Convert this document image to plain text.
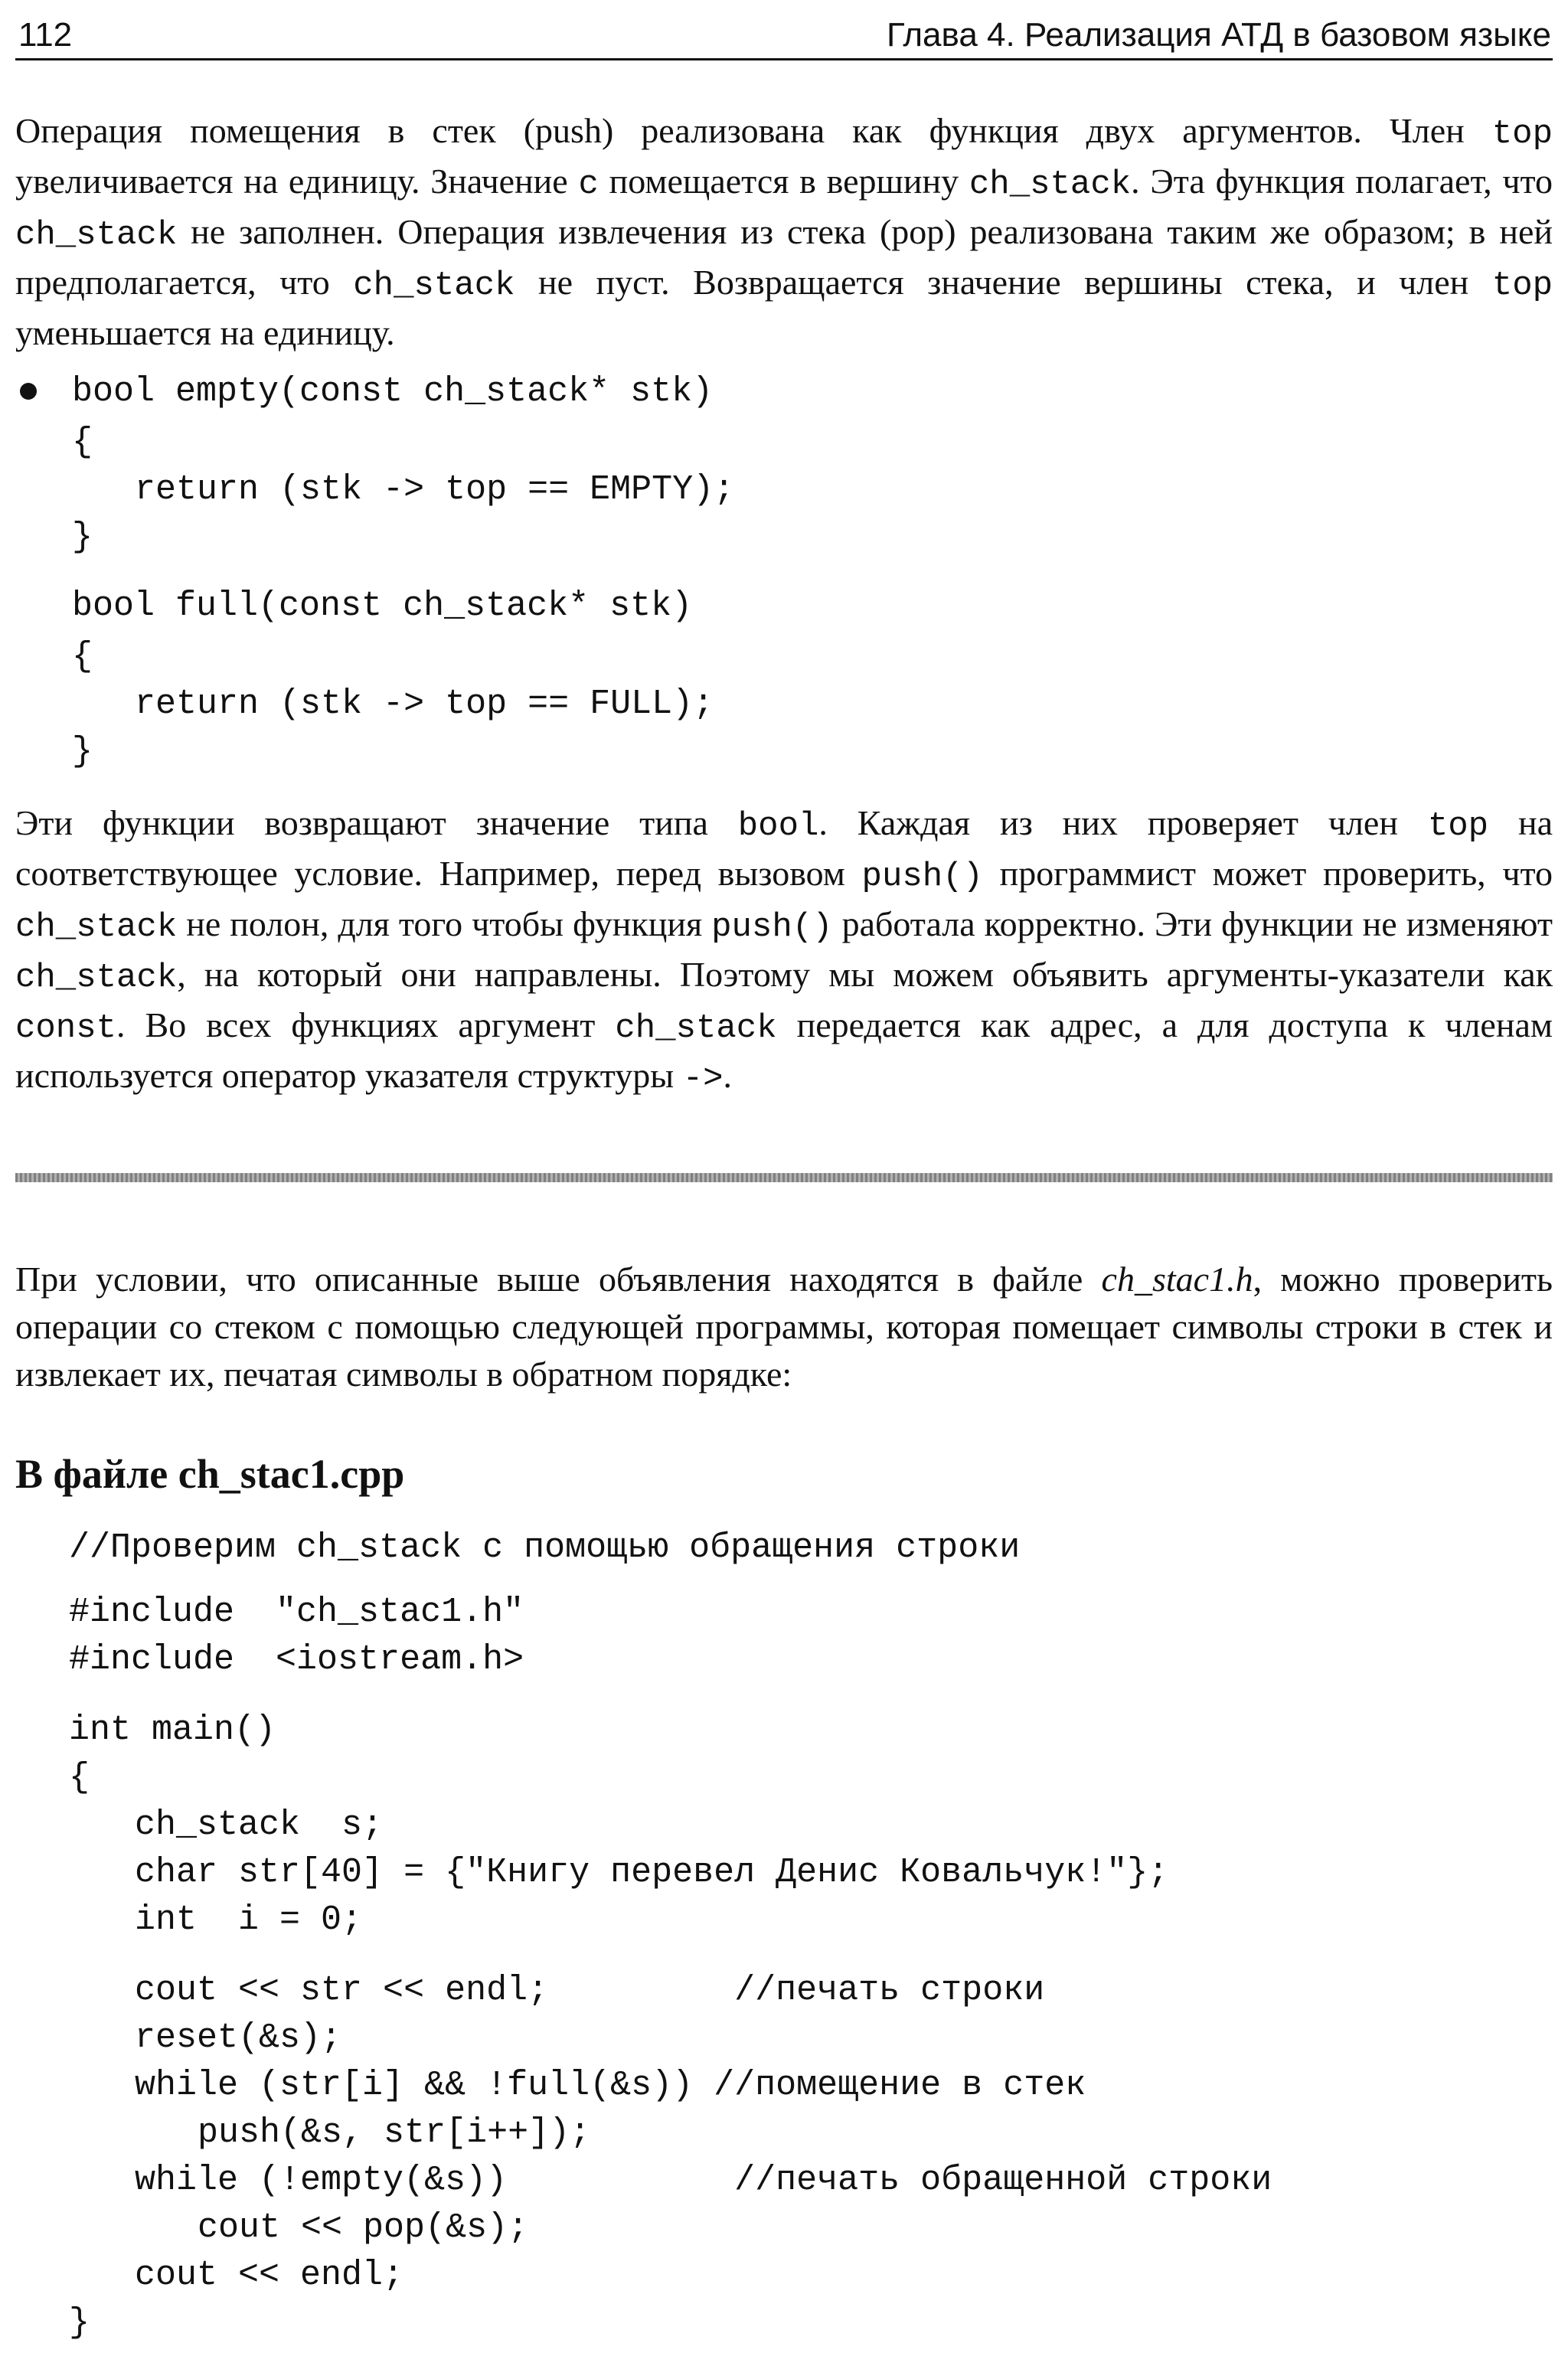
112	Глава 4. Реализация АТД в базовом языке

Операция помещения в стек (push) реализована как функция двух аргументов. Член top увеличивается на единицу. Значение c помещается в вершину ch_stack. Эта функция полагает, что ch_stack не заполнен. Операция извлечения из стека (pop) реализована таким же образом; в ней предполагается, что ch_stack не пуст. Возвращается значение вершины стека, и член top уменьшается на единицу.

bool empty(const ch_stack* stk)

{

return (stk -> top == EMPTY);

}

bool full(const ch_stack* stk)

{

return (stk -> top == FULL);

}

Эти функции возвращают значение типа bool. Каждая из них проверяет член top на соответствующее условие. Например, перед вызовом push() программист может проверить, что ch_stack не полон, для того чтобы функция push() работала корректно. Эти функции не изменяют ch_stack, на который они направлены. Поэтому мы можем объявить аргументы-указатели как const. Во всех функциях аргумент ch_stack передается как адрес, а для доступа к членам используется оператор указателя структуры ->.

При условии, что описанные выше объявления находятся в файле ch_stac1.h, можно проверить операции со стеком с помощью следующей программы, которая помещает символы строки в стек и извлекает их, печатая символы в обратном порядке:

В файле ch_stac1.cpp

//Проверим ch_stack с помощью обращения строки

#include  "ch_stac1.h"

#include  <iostream.h>

int main()

{

ch_stack  s;

char str[40] = {"Книгу перевел Денис Ковальчук!"};

int  i = 0;

cout << str << endl;         //печать строки

reset(&s);

while (str[i] && !full(&s)) //помещение в стек

push(&s, str[i++]);

while (!empty(&s))           //печать обращенной строки

cout << pop(&s);

cout << endl;

}
